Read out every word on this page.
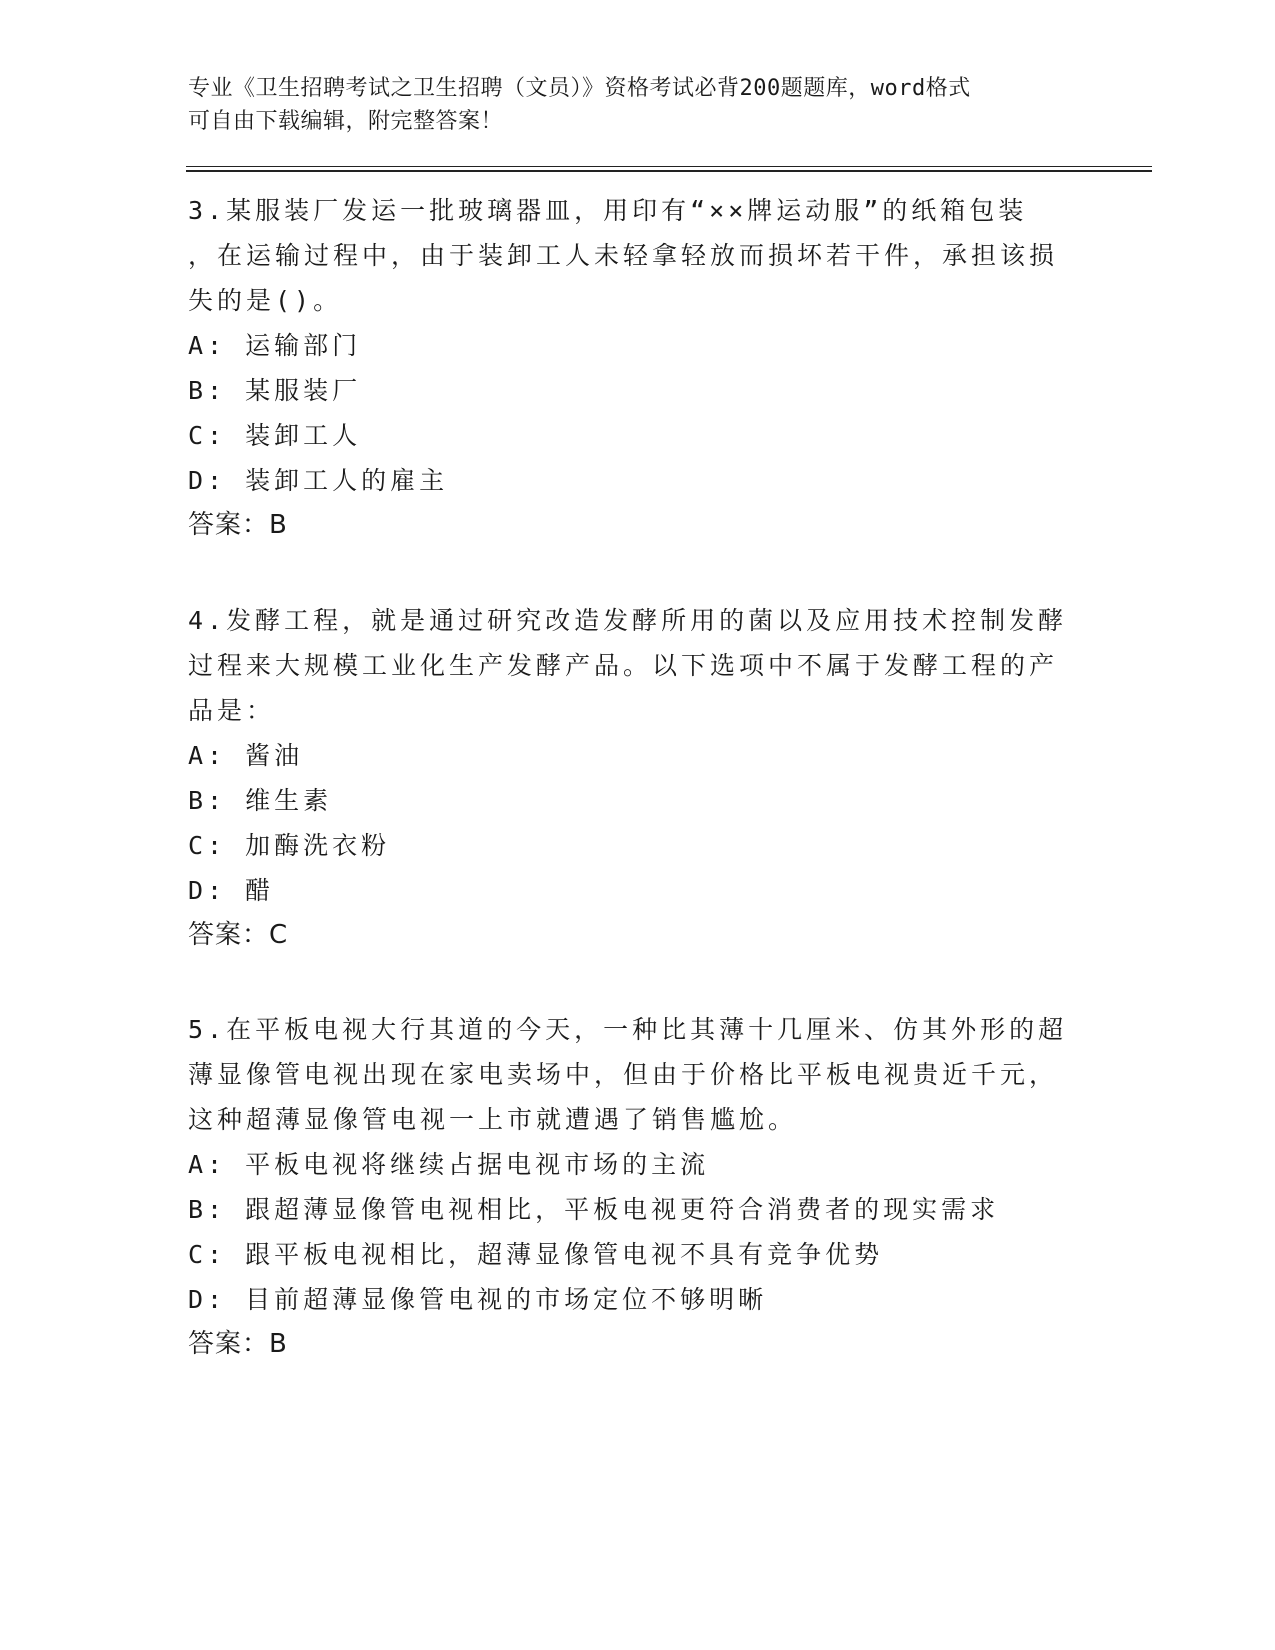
专业《卫生招聘考试之卫生招聘（文员）》资格考试必背200题题库，word格式
可自由下载编辑，附完整答案！

3.某服装厂发运一批玻璃器皿，用印有“××牌运动服”的纸箱包装

，在运输过程中，由于装卸工人未轻拿轻放而损坏若干件，承担该损

失的是()。

A: 运输部门

B: 某服装厂

C: 装卸工人

D: 装卸工人的雇主

答案：B

4.发酵工程，就是通过研究改造发酵所用的菌以及应用技术控制发酵

过程来大规模工业化生产发酵产品。以下选项中不属于发酵工程的产

品是：

A: 酱油

B: 维生素

C: 加酶洗衣粉

D: 醋

答案：C

5.在平板电视大行其道的今天，一种比其薄十几厘米、仿其外形的超

薄显像管电视出现在家电卖场中，但由于价格比平板电视贵近千元，

这种超薄显像管电视一上市就遭遇了销售尴尬。

A: 平板电视将继续占据电视市场的主流

B: 跟超薄显像管电视相比，平板电视更符合消费者的现实需求

C: 跟平板电视相比，超薄显像管电视不具有竞争优势

D: 目前超薄显像管电视的市场定位不够明晰

答案：B
